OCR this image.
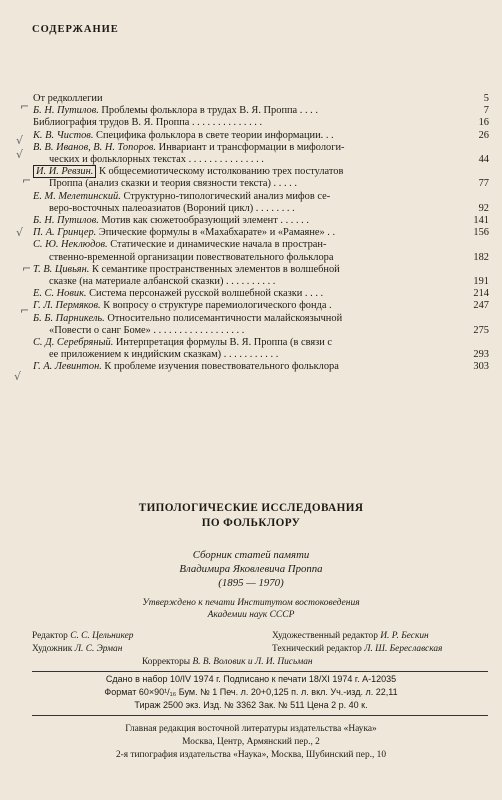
СОДЕРЖАНИЕ
От редколлегии	5
Б. Н. Путилов. Проблемы фольклора в трудах В. Я. Проппа . . . .	7
Библиография трудов В. Я. Проппа . . . . . . . . . . . . . .	16
К. В. Чистов. Специфика фольклора в свете теории информации. . .	26
В. В. Иванов, В. Н. Топоров. Инвариант и трансформации в мифологи-
ческих и фольклорных текстах . . . . . . . . . . . . . . .	44
И. И. Ревзин. К общесемиотическому истолкованию трех постулатов
Проппа (анализ сказки и теория связности текста) . . . . .	77
Е. М. Мелетинский. Структурно-типологический анализ мифов се-
веро-восточных палеоазиатов (Вороний цикл) . . . . . . . .	92
Б. Н. Путилов. Мотив как сюжетообразующий элемент . . . . . .	141
П. А. Гринцер. Эпические формулы в «Махабхарате» и «Рамаяне» . .	156
С. Ю. Неклюдов. Статические и динамические начала в простран-
ственно-временной организации повествовательного фольклора	182
Т. В. Цивьян. К семантике пространственных элементов в волшебной
сказке (на материале албанской сказки) . . . . . . . . . .	191
Е. С. Новик. Система персонажей русской волшебной сказки . . . .	214
Г. Л. Пермяков. К вопросу о структуре паремиологического фонда .	247
Б. Б. Парникель. Относительно полисемантичности малайскоязычной
«Повести о санг Боме» . . . . . . . . . . . . . . . . . .	275
С. Д. Серебряный. Интерпретация формулы В. Я. Проппа (в связи с
ее приложением к индийским сказкам) . . . . . . . . . . .	293
Г. А. Левинтон. К проблеме изучения повествовательного фольклора	303
⌐
√
√
√
⌐
⌐
⌐
√
ТИПОЛОГИЧЕСКИЕ ИССЛЕДОВАНИЯ
ПО ФОЛЬКЛОРУ
Сборник статей памяти
Владимира Яковлевича Проппа
(1895 — 1970)
Утверждено к печати Институтом востоковедения
Академии наук СССР
Редактор С. С. Цельникер	Художественный редактор И. Р. Бескин
Художник Л. С. Эрман	Технический редактор Л. Ш. Береславская
Корректоры В. В. Воловик и Л. И. Письман
Сдано в набор 10/IV 1974 г. Подписано к печати 18/XI 1974 г. А-12035
Формат 60×90¹/₁₆ Бум. № 1 Печ. л. 20+0,125 п. л. вкл. Уч.-изд. л. 22,11
Тираж 2500 экз. Изд. № 3362 Зак. № 511 Цена 2 р. 40 к.
Главная редакция восточной литературы издательства «Наука»
Москва, Центр, Армянский пер., 2
2-я типография издательства «Наука», Москва, Шубинский пер., 10
